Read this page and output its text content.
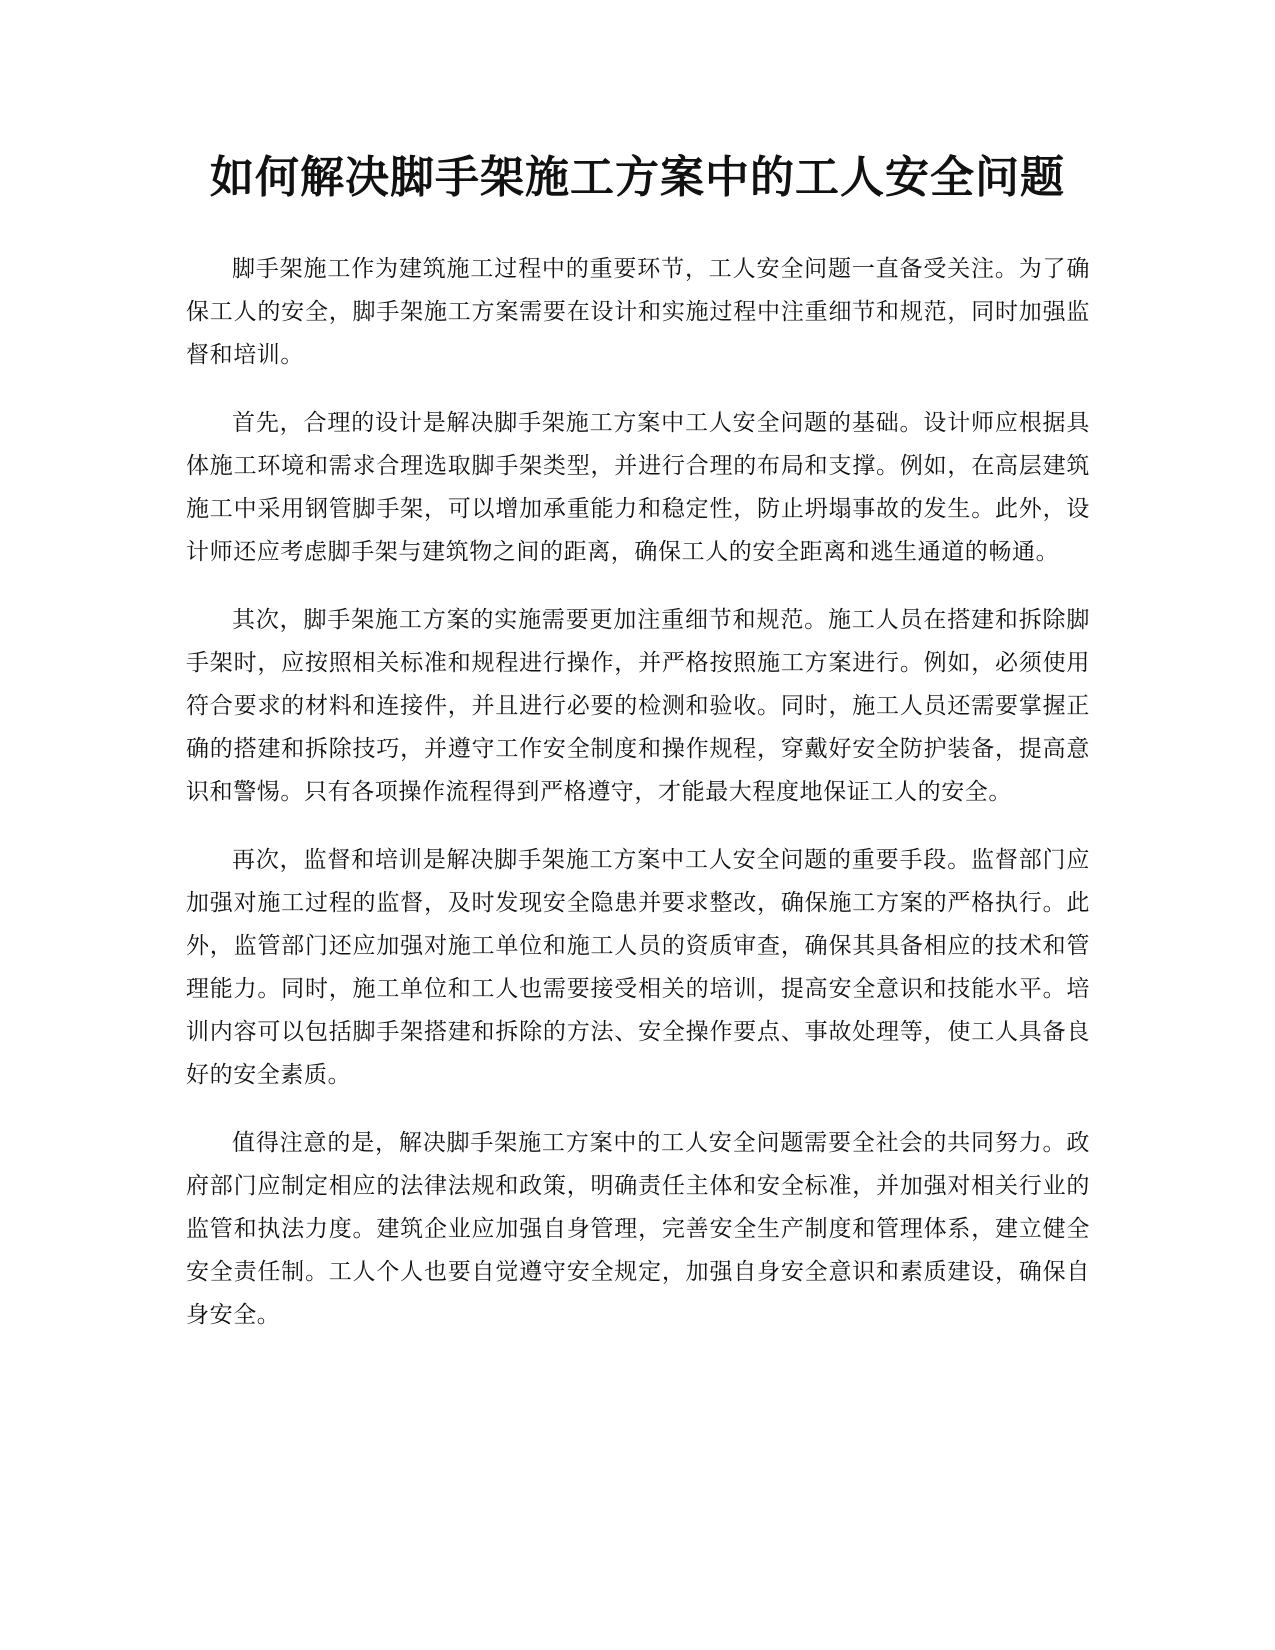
如何解决脚手架施工方案中的工人安全问题

脚手架施工作为建筑施工过程中的重要环节，工人安全问题一直备受关注。为了确保工人的安全，脚手架施工方案需要在设计和实施过程中注重细节和规范，同时加强监督和培训。

首先，合理的设计是解决脚手架施工方案中工人安全问题的基础。设计师应根据具体施工环境和需求合理选取脚手架类型，并进行合理的布局和支撑。例如，在高层建筑施工中采用钢管脚手架，可以增加承重能力和稳定性，防止坍塌事故的发生。此外，设计师还应考虑脚手架与建筑物之间的距离，确保工人的安全距离和逃生通道的畅通。

其次，脚手架施工方案的实施需要更加注重细节和规范。施工人员在搭建和拆除脚手架时，应按照相关标准和规程进行操作，并严格按照施工方案进行。例如，必须使用符合要求的材料和连接件，并且进行必要的检测和验收。同时，施工人员还需要掌握正确的搭建和拆除技巧，并遵守工作安全制度和操作规程，穿戴好安全防护装备，提高意识和警惕。只有各项操作流程得到严格遵守，才能最大程度地保证工人的安全。

再次，监督和培训是解决脚手架施工方案中工人安全问题的重要手段。监督部门应加强对施工过程的监督，及时发现安全隐患并要求整改，确保施工方案的严格执行。此外，监管部门还应加强对施工单位和施工人员的资质审查，确保其具备相应的技术和管理能力。同时，施工单位和工人也需要接受相关的培训，提高安全意识和技能水平。培训内容可以包括脚手架搭建和拆除的方法、安全操作要点、事故处理等，使工人具备良好的安全素质。

值得注意的是，解决脚手架施工方案中的工人安全问题需要全社会的共同努力。政府部门应制定相应的法律法规和政策，明确责任主体和安全标准，并加强对相关行业的监管和执法力度。建筑企业应加强自身管理，完善安全生产制度和管理体系，建立健全安全责任制。工人个人也要自觉遵守安全规定，加强自身安全意识和素质建设，确保自身安全。
